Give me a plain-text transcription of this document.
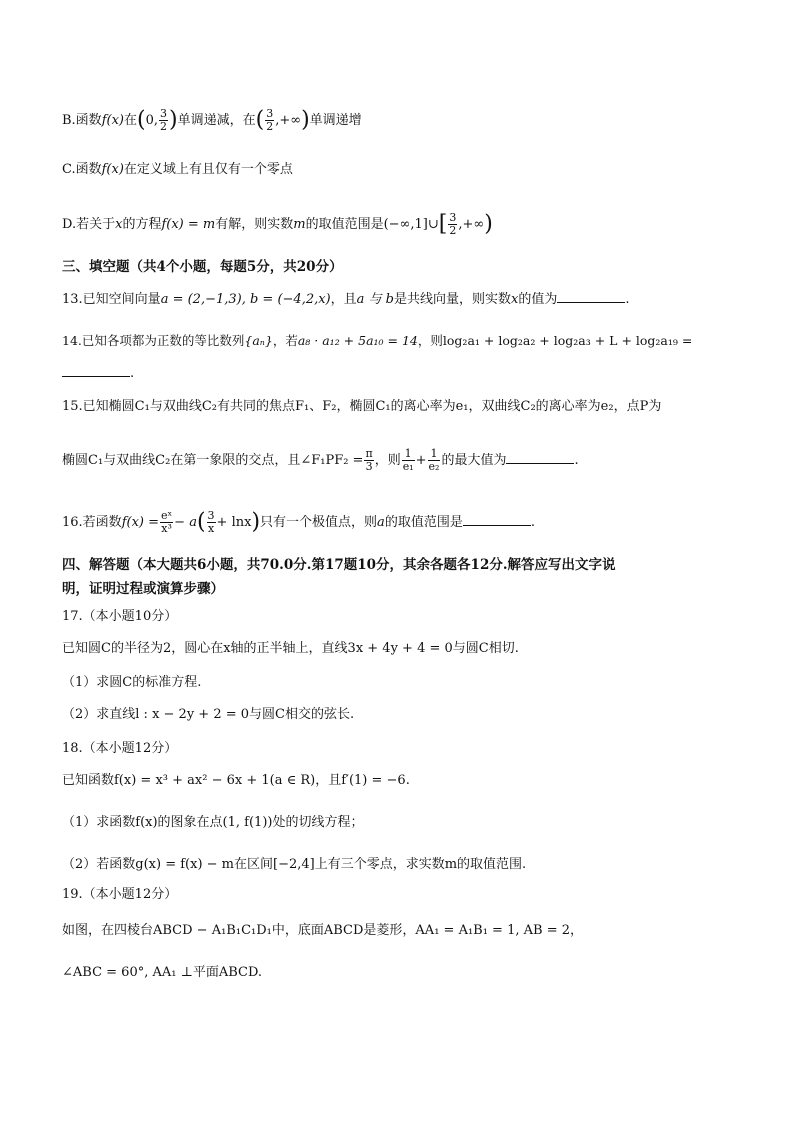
B.函数f(x)在(0, $\frac{3}{2}$ )单调递减，在( $\frac{3}{2}$ ,+∞)单调递增
C.函数f(x)在定义域上有且仅有一个零点
D.若关于x的方程f(x) = m有解，则实数m的取值范围是(−∞,1]∪[ $\frac{3}{2}$ ,+∞)
三、填空题（共4个小题，每题5分，共20分）
13.已知空间向量a = (2,−1,3), b = (−4,2,x)，且a 与 b是共线向量，则实数x的值为	.
14.已知各项都为正数的等比数列{aₙ}，若a₈ · a₁₂ + 5a₁₀ = 14，则log₂a₁ + log₂a₂ + log₂a₃ + L + log₂a₁₉ =
.
15.已知椭圆C₁与双曲线C₂有共同的焦点F₁、F₂，椭圆C₁的离心率为e₁，双曲线C₂的离心率为e₂，点P为
椭圆C₁与双曲线C₂在第一象限的交点，且∠F₁PF₂ = $\frac{\pi}{3}$ ，则 $\frac{1}{\text{e₁}} + \frac{1}{\text{e₂}}$ 的最大值为	.
16.若函数$f(x) = \frac{\text{eˣ}}{\text{x³}} - a( \frac{3}{x} + \ln x)$只有一个极值点，则a的取值范围是	.
四、解答题（本大题共6小题，共70.0分.第17题10分，其余各题各12分.解答应写出文字说
明，证明过程或演算步骤）
17.（本小题10分）
已知圆C的半径为2，圆心在x轴的正半轴上，直线3x + 4y + 4 = 0与圆C相切.
（1）求圆C的标准方程.
（2）求直线l : x − 2y + 2 = 0与圆C相交的弦长.
18.（本小题12分）
已知函数f(x) = x³ + ax² − 6x + 1(a ∈ R)，且f′(1) = −6.
（1）求函数f(x)的图象在点(1, f(1))处的切线方程；
（2）若函数g(x) = f(x) − m在区间[−2,4]上有三个零点，求实数m的取值范围.
19.（本小题12分）
如图，在四棱台ABCD − A₁B₁C₁D₁中，底面ABCD是菱形，AA₁ = A₁B₁ = 1, AB = 2，
∠ABC = 60°, AA₁ ⊥平面ABCD.
